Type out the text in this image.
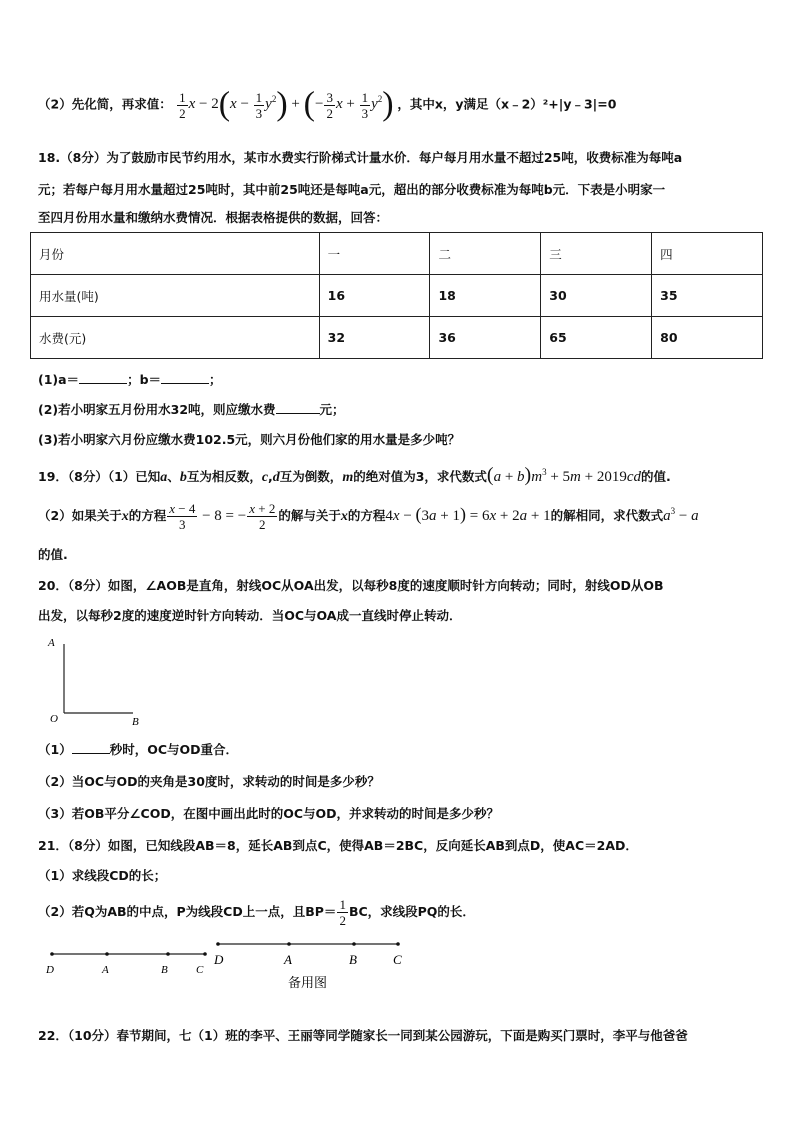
（2）先化简，再求值： $\frac{1}{2}$ $x - 2(x - \frac{1}{3} y^2)$ + (− $\frac{3}{2}$ $x + \frac{1}{3} y^2$) ，其中x，y满足（x﹣2）²+|y﹣3|=0
18.（8分）为了鼓励市民节约用水，某市水费实行阶梯式计量水价．每户每月用水量不超过25吨，收费标准为每吨a
元；若每户每月用水量超过25吨时，其中前25吨还是每吨a元，超出的部分收费标准为每吨b元．下表是小明家一
至四月份用水量和缴纳水费情况．根据表格提供的数据，回答：
月份	一	二	三	四
用水量(吨)	16	18	30	35
水费(元)	32	36	65	80
(1)a＝	；b＝	；
(2)若小明家五月份用水32吨，则应缴水费	元；
(3)若小明家六月份应缴水费102.5元，则六月份他们家的用水量是多少吨？
19．（8分）（1）已知a、b互为相反数，c,d互为倒数，m的绝对值为3，求代数式$(a + b)m^3 + 5m + 2019cd$的值.
（2）如果关于x的方程 $\frac{x - 4}{3} - 8$ = − $\frac{x + 2}{2}$ 的解与关于x的方程4x − (3a + 1) = 6x + 2a + 1的解相同，求代数式$a^3 - a$
的值.
20．（8分）如图，∠AOB是直角，射线OC从OA出发，以每秒8度的速度顺时针方向转动；同时，射线OD从OB
出发，以每秒2度的速度逆时针方向转动．当OC与OA成一直线时停止转动．
A
O	B
（1）	秒时，OC与OD重合．
（2）当OC与OD的夹角是30度时，求转动的时间是多少秒？
（3）若OB平分∠COD，在图中画出此时的OC与OD，并求转动的时间是多少秒？
21．（8分）如图，已知线段AB＝8，延长AB到点C，使得AB＝2BC，反向延长AB到点D，使AC＝2AD．
（1）求线段CD的长；
（2）若Q为AB的中点，P为线段CD上一点，且$BP= \frac{1}{2}$ BC，求线段PQ的长．
D	A	B	C
D	A	B	C
备用图
22．（10分）春节期间，七（1）班的李平、王丽等同学随家长一同到某公园游玩，下面是购买门票时，李平与他爸爸
